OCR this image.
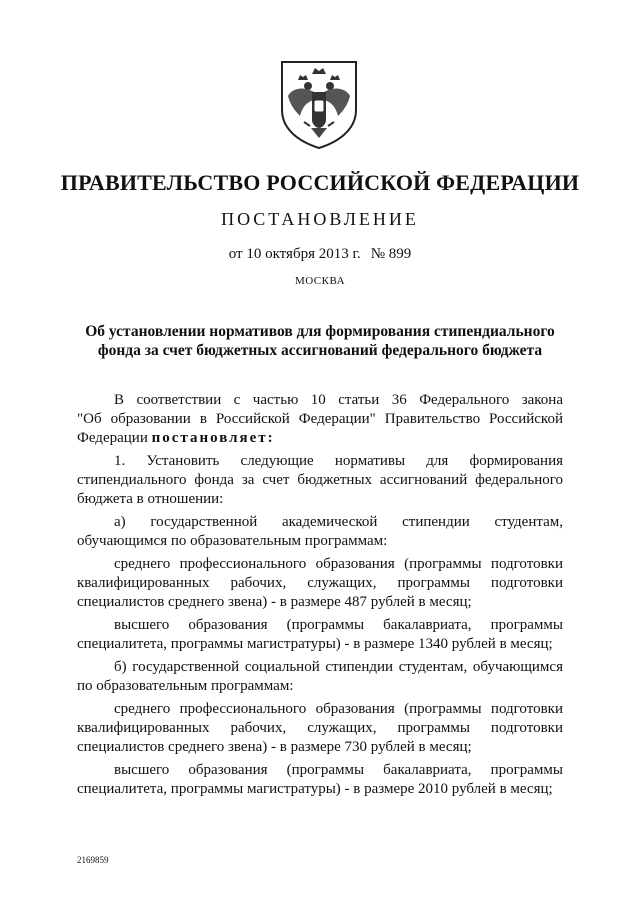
ПРАВИТЕЛЬСТВО РОССИЙСКОЙ ФЕДЕРАЦИИ
ПОСТАНОВЛЕНИЕ
от 10 октября 2013 г. № 899
МОСКВА
Об установлении нормативов для формирования стипендиального
фонда за счет бюджетных ассигнований федерального бюджета
В соответствии с частью 10 статьи 36 Федерального закона
"Об образовании в Российской Федерации" Правительство Российской
Федерации постановляет:
1. Установить следующие нормативы для формирования стипендиального фонда за счет бюджетных ассигнований федерального бюджета в отношении:
а) государственной академической стипендии студентам, обучающимся по образовательным программам:
среднего профессионального образования (программы подготовки квалифицированных рабочих, служащих, программы подготовки специалистов среднего звена) - в размере 487 рублей в месяц;
высшего образования (программы бакалавриата, программы специалитета, программы магистратуры) - в размере 1340 рублей в месяц;
б) государственной социальной стипендии студентам, обучающимся по образовательным программам:
среднего профессионального образования (программы подготовки квалифицированных рабочих, служащих, программы подготовки специалистов среднего звена) - в размере 730 рублей в месяц;
высшего образования (программы бакалавриата, программы специалитета, программы магистратуры) - в размере 2010 рублей в месяц;
2169859
